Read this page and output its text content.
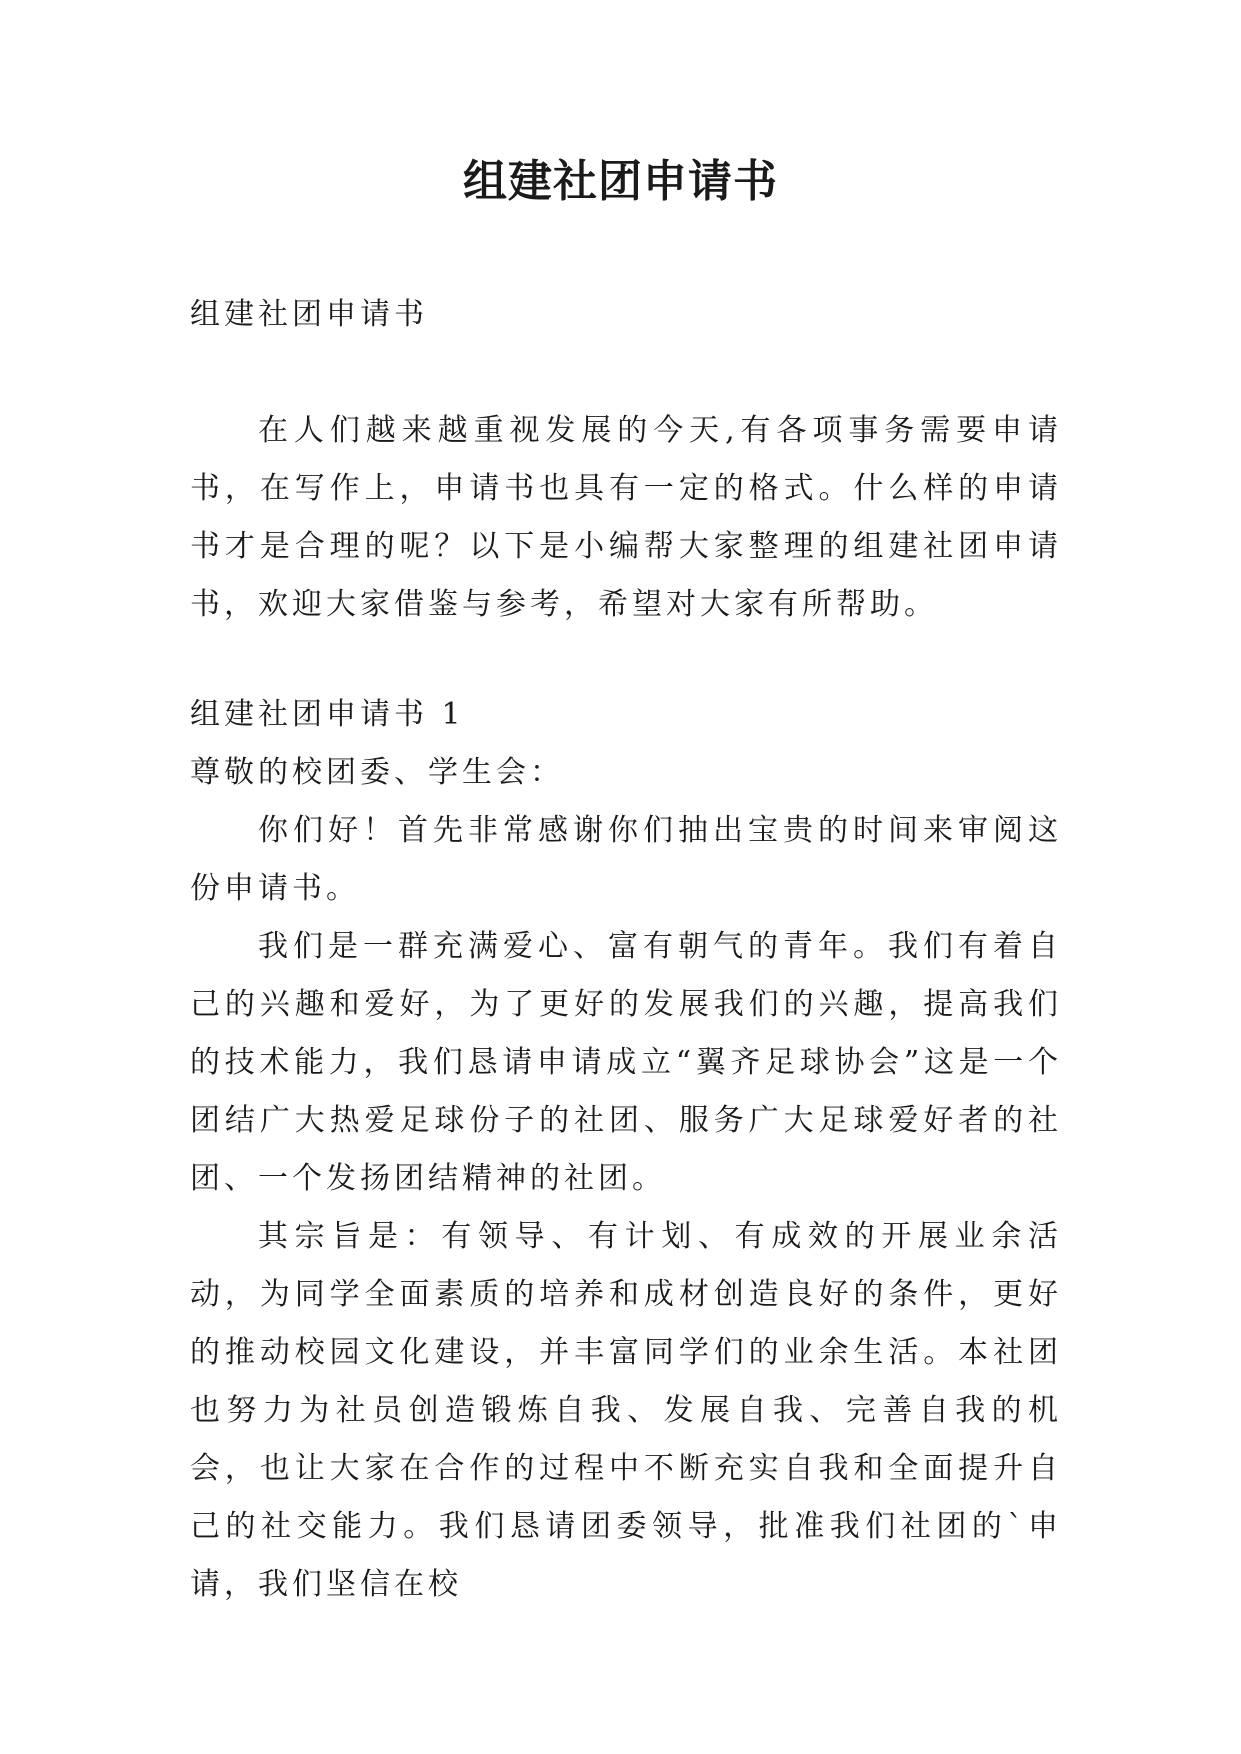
组建社团申请书
组建社团申请书

在人们越来越重视发展的今天,有各项事务需要申请书，在写作上，申请书也具有一定的格式。什么样的申请书才是合理的呢？以下是小编帮大家整理的组建社团申请书，欢迎大家借鉴与参考，希望对大家有所帮助。

组建社团申请书 1

尊敬的校团委、学生会：

你们好！首先非常感谢你们抽出宝贵的时间来审阅这份申请书。

我们是一群充满爱心、富有朝气的青年。我们有着自己的兴趣和爱好，为了更好的发展我们的兴趣，提高我们的技术能力，我们恳请申请成立“翼齐足球协会”这是一个团结广大热爱足球份子的社团、服务广大足球爱好者的社团、一个发扬团结精神的社团。

其宗旨是：有领导、有计划、有成效的开展业余活动，为同学全面素质的培养和成材创造良好的条件，更好的推动校园文化建设，并丰富同学们的业余生活。本社团也努力为社员创造锻炼自我、发展自我、完善自我的机会，也让大家在合作的过程中不断充实自我和全面提升自己的社交能力。我们恳请团委领导，批准我们社团的`申请，我们坚信在校
